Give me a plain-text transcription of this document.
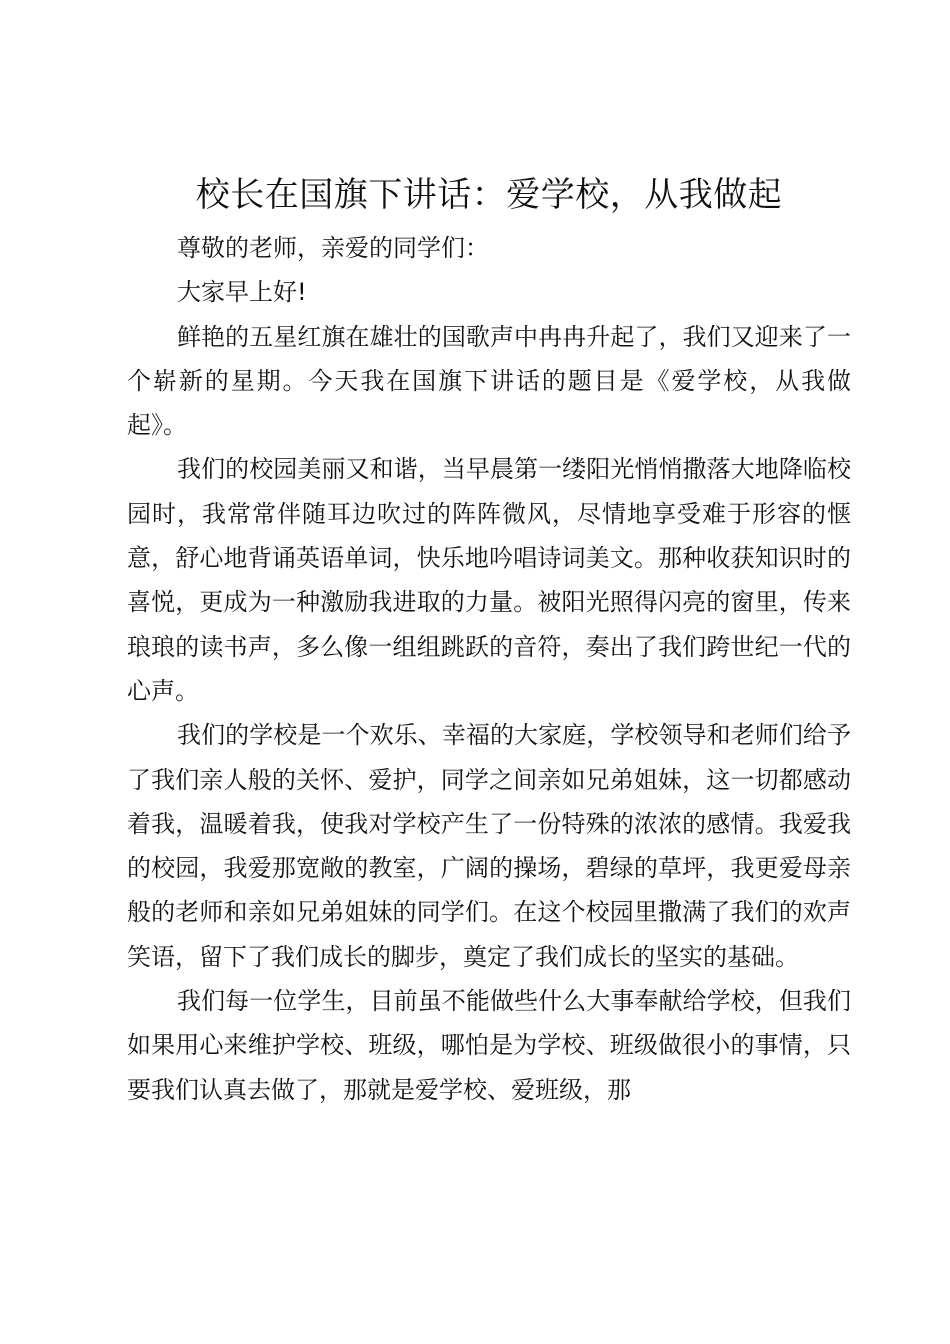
校长在国旗下讲话：爱学校，从我做起

尊敬的老师，亲爱的同学们：

大家早上好!

鲜艳的五星红旗在雄壮的国歌声中冉冉升起了，我们又迎来了一个崭新的星期。今天我在国旗下讲话的题目是《爱学校，从我做起》。

我们的校园美丽又和谐，当早晨第一缕阳光悄悄撒落大地降临校园时，我常常伴随耳边吹过的阵阵微风，尽情地享受难于形容的惬意，舒心地背诵英语单词，快乐地吟唱诗词美文。那种收获知识时的喜悦，更成为一种激励我进取的力量。被阳光照得闪亮的窗里，传来琅琅的读书声，多么像一组组跳跃的音符，奏出了我们跨世纪一代的心声。

我们的学校是一个欢乐、幸福的大家庭，学校领导和老师们给予了我们亲人般的关怀、爱护，同学之间亲如兄弟姐妹，这一切都感动着我，温暖着我，使我对学校产生了一份特殊的浓浓的感情。我爱我的校园，我爱那宽敞的教室，广阔的操场，碧绿的草坪，我更爱母亲般的老师和亲如兄弟姐妹的同学们。在这个校园里撒满了我们的欢声笑语，留下了我们成长的脚步，奠定了我们成长的坚实的基础。

我们每一位学生，目前虽不能做些什么大事奉献给学校，但我们如果用心来维护学校、班级，哪怕是为学校、班级做很小的事情，只要我们认真去做了，那就是爱学校、爱班级，那
